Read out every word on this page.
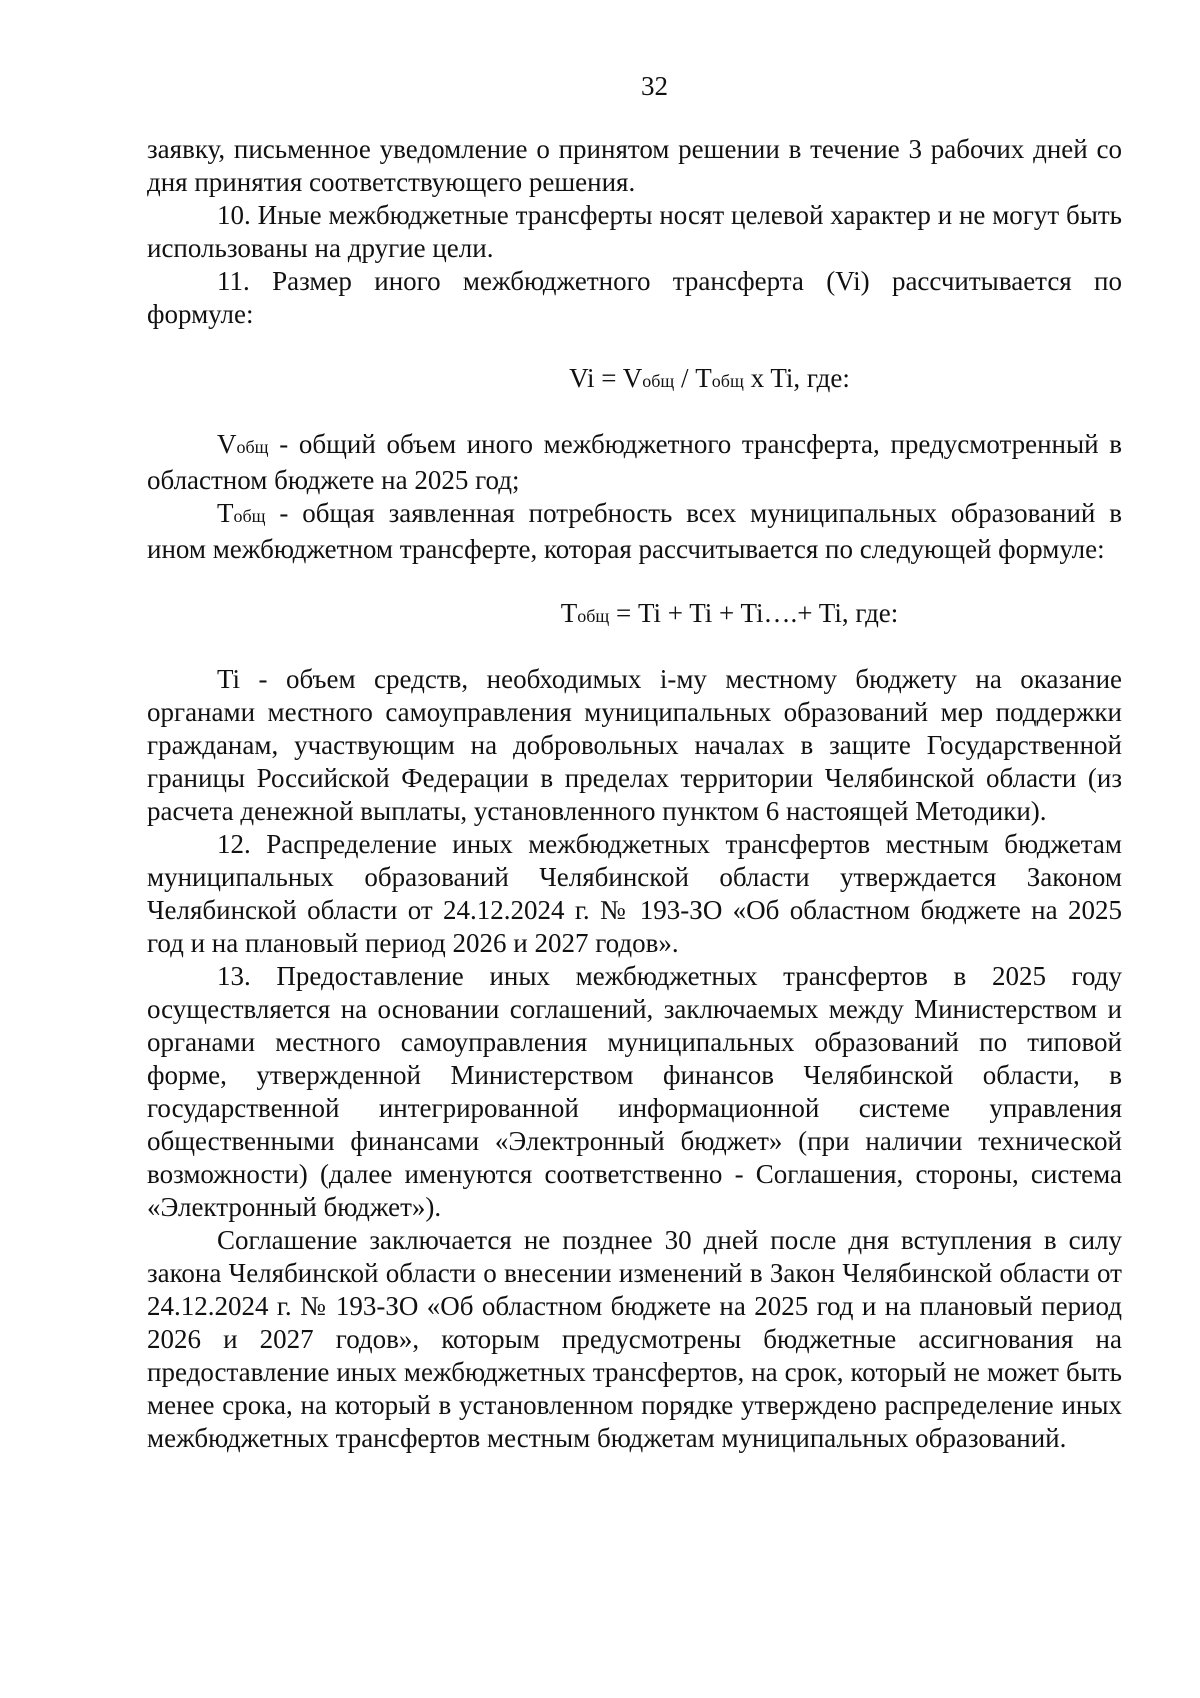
32

заявку, письменное уведомление о принятом решении в течение 3 рабочих дней со дня принятия соответствующего решения.

10. Иные межбюджетные трансферты носят целевой характер и не могут быть использованы на другие цели.

11. Размер иного межбюджетного трансферта (Vi) рассчитывается по формуле:

Vi = Vобщ / Tобщ x Ti, где:

Vобщ - общий объем иного межбюджетного трансферта, предусмотренный в областном бюджете на 2025 год;

Tобщ - общая заявленная потребность всех муниципальных образований в ином межбюджетном трансферте, которая рассчитывается по следующей формуле:

Tобщ = Ti + Ti + Ti….+ Ti, где:

Ti - объем средств, необходимых i-му местному бюджету на оказание органами местного самоуправления муниципальных образований мер поддержки гражданам, участвующим на добровольных началах в защите Государственной границы Российской Федерации в пределах территории Челябинской области (из расчета денежной выплаты, установленного пунктом 6 настоящей Методики).

12. Распределение иных межбюджетных трансфертов местным бюджетам муниципальных образований Челябинской области утверждается Законом Челябинской области от 24.12.2024 г. № 193-ЗО «Об областном бюджете на 2025 год и на плановый период 2026 и 2027 годов».

13. Предоставление иных межбюджетных трансфертов в 2025 году осуществляется на основании соглашений, заключаемых между Министерством и органами местного самоуправления муниципальных образований по типовой форме, утвержденной Министерством финансов Челябинской области, в государственной интегрированной информационной системе управления общественными финансами «Электронный бюджет» (при наличии технической возможности) (далее именуются соответственно - Соглашения, стороны, система «Электронный бюджет»).

Соглашение заключается не позднее 30 дней после дня вступления в силу закона Челябинской области о внесении изменений в Закон Челябинской области от 24.12.2024 г. № 193-ЗО «Об областном бюджете на 2025 год и на плановый период 2026 и 2027 годов», которым предусмотрены бюджетные ассигнования на предоставление иных межбюджетных трансфертов, на срок, который не может быть менее срока, на который в установленном порядке утверждено распределение иных межбюджетных трансфертов местным бюджетам муниципальных образований.
